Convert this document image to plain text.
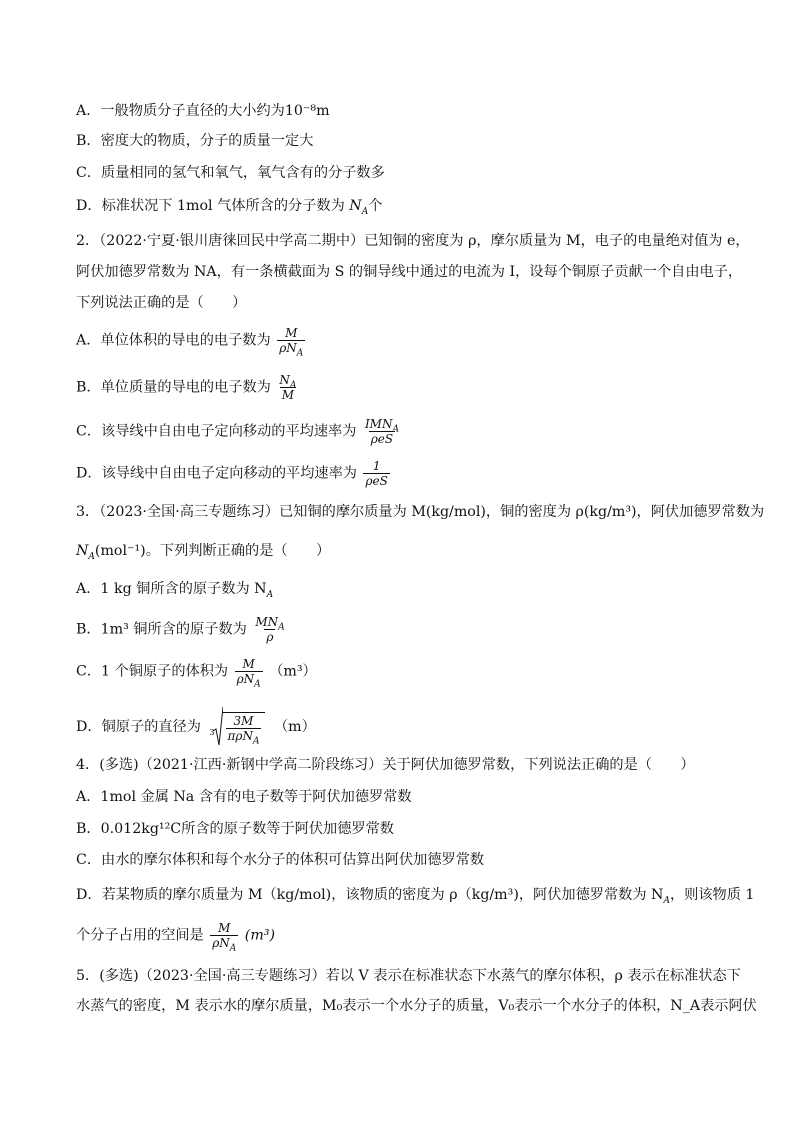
A．一般物质分子直径的大小约为10⁻⁸m
B．密度大的物质，分子的质量一定大
C．质量相同的氢气和氧气，氧气含有的分子数多
D．标准状况下 1mol 气体所含的分子数为 $N_A$个
2．（2022·宁夏·银川唐徕回民中学高二期中）已知铜的密度为 ρ，摩尔质量为 M，电子的电量绝对值为 e，
阿伏加德罗常数为 NA，有一条横截面为 S 的铜导线中通过的电流为 I，设每个铜原子贡献一个自由电子，
下列说法正确的是（　　）
A．单位体积的导电的电子数为 $\frac{M}{\rho N_A}$
B．单位质量的导电的电子数为 $\frac{N_A}{M}$
C．该导线中自由电子定向移动的平均速率为 $\frac{IMN_A}{\text{ρeS}}$
D．该导线中自由电子定向移动的平均速率为 $\frac{1}{\text{ρeS}}$
3．（2023·全国·高三专题练习）已知铜的摩尔质量为 M(kg/mol)，铜的密度为 ρ(kg/m³)，阿伏加德罗常数为
$N_A(mol^{-1})$。下列判断正确的是（　　）
A．1 kg 铜所含的原子数为 $N_A$
B．1m³ 铜所含的原子数为 $\frac{MN_A}{\rho}$
C．1 个铜原子的体积为 $\frac{M}{\rho N_A} (m^3)$
D．铜原子的直径为 $3 \frac{3M}{\pi\rho N_A} (m)$
4．(多选)（2021·江西·新钢中学高二阶段练习）关于阿伏加德罗常数，下列说法正确的是（　　）
A．1mol 金属 Na 含有的电子数等于阿伏加德罗常数
B．0.012kg¹²C所含的原子数等于阿伏加德罗常数
C．由水的摩尔体积和每个水分子的体积可估算出阿伏加德罗常数
D．若某物质的摩尔质量为 M（kg/mol)，该物质的密度为 ρ（kg/m³)，阿伏加德罗常数为 $N_A$，则该物质 1
个分子占用的空间是 $\frac{M}{\rho N_A} (m^3)$
5．(多选)（2023·全国·高三专题练习）若以 V 表示在标准状态下水蒸气的摩尔体积，ρ 表示在标准状态下
水蒸气的密度，M 表示水的摩尔质量，M₀表示一个水分子的质量，V₀表示一个水分子的体积，N_A表示阿伏
